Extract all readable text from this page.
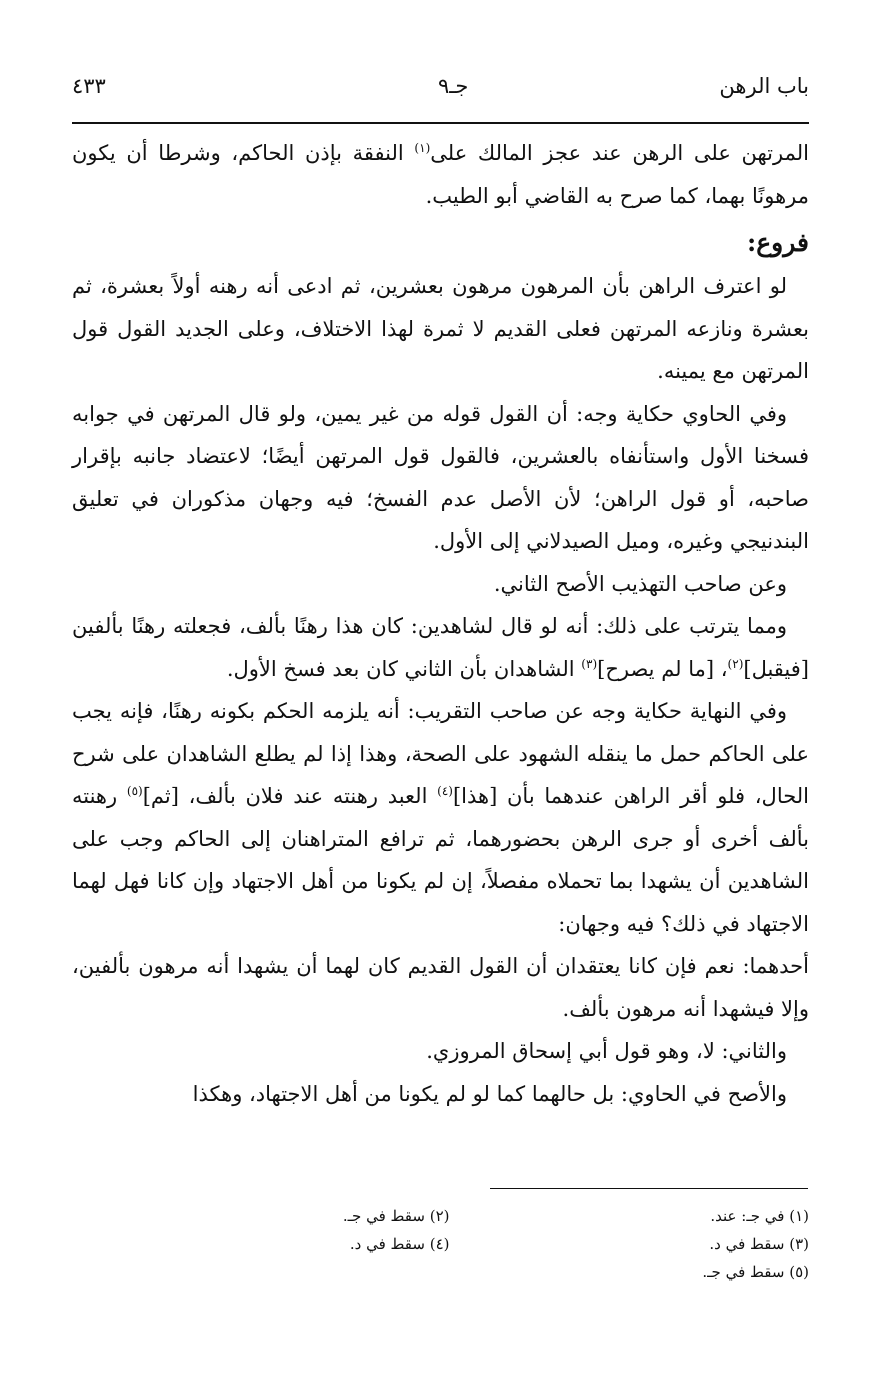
باب الرهن
جـ٩
٤٣٣

المرتهن على الرهن عند عجز المالك على$^{(١)}$ النفقة بإذن الحاكم، وشرطا أن يكون مرهونًا بهما، كما صرح به القاضي أبو الطيب.

فروع:

لو اعترف الراهن بأن المرهون مرهون بعشرين، ثم ادعى أنه رهنه أولاً بعشرة، ثم بعشرة ونازعه المرتهن فعلى القديم لا ثمرة لهذا الاختلاف، وعلى الجديد القول قول المرتهن مع يمينه.

وفي الحاوي حكاية وجه: أن القول قوله من غير يمين، ولو قال المرتهن في جوابه فسخنا الأول واستأنفاه بالعشرين، فالقول قول المرتهن أيضًا؛ لاعتضاد جانبه بإقرار صاحبه، أو قول الراهن؛ لأن الأصل عدم الفسخ؛ فيه وجهان مذكوران في تعليق البندنيجي وغيره، وميل الصيدلاني إلى الأول.

وعن صاحب التهذيب الأصح الثاني.

ومما يترتب على ذلك: أنه لو قال لشاهدين: كان هذا رهنًا بألف، فجعلته رهنًا بألفين [فيقبل]$^{(٢)}$، [ما لم يصرح]$^{(٣)}$ الشاهدان بأن الثاني كان بعد فسخ الأول.

وفي النهاية حكاية وجه عن صاحب التقريب: أنه يلزمه الحكم بكونه رهنًا، فإنه يجب على الحاكم حمل ما ينقله الشهود على الصحة، وهذا إذا لم يطلع الشاهدان على شرح الحال، فلو أقر الراهن عندهما بأن [هذا]$^{(٤)}$ العبد رهنته عند فلان بألف، [ثم]$^{(٥)}$ رهنته بألف أخرى أو جرى الرهن بحضورهما، ثم ترافع المتراهنان إلى الحاكم وجب على الشاهدين أن يشهدا بما تحملاه مفصلاً، إن لم يكونا من أهل الاجتهاد وإن كانا فهل لهما الاجتهاد في ذلك؟ فيه وجهان:

أحدهما: نعم فإن كانا يعتقدان أن القول القديم كان لهما أن يشهدا أنه مرهون بألفين، وإلا فيشهدا أنه مرهون بألف.

والثاني: لا، وهو قول أبي إسحاق المروزي.

والأصح في الحاوي: بل حالهما كما لو لم يكونا من أهل الاجتهاد، وهكذا

(١) في جـ: عند.
(٢) سقط في جـ.
(٣) سقط في د.
(٤) سقط في د.
(٥) سقط في جـ.
